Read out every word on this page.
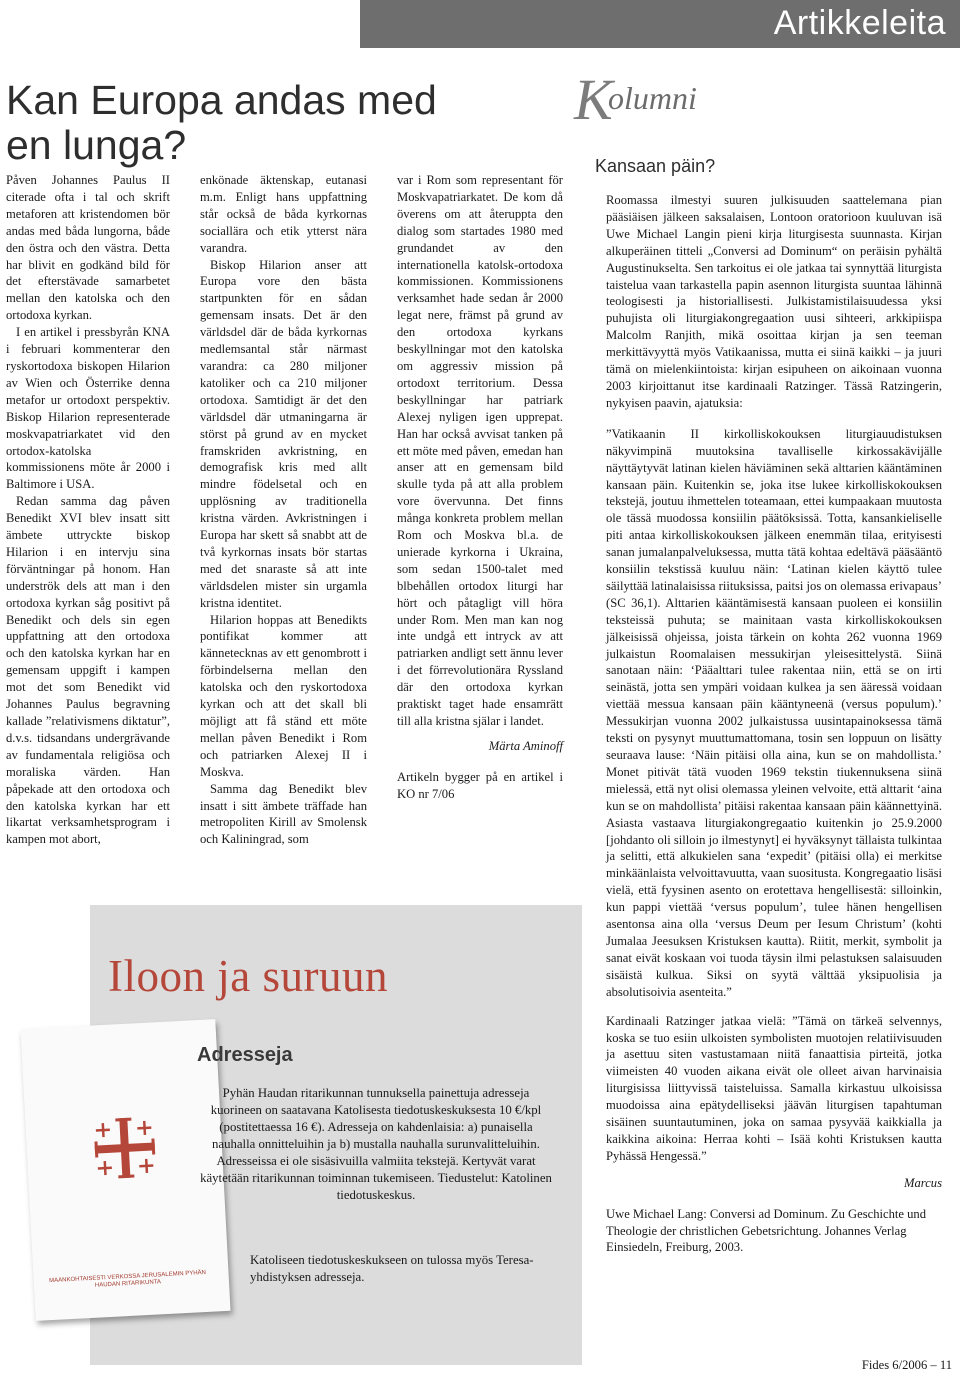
Artikkeleita
Kan Europa andas med en lunga?

Påven Johannes Paulus II citerade ofta i tal och skrift metaforen att kristendomen bör andas med båda lungorna, både den östra och den västra. Detta har blivit en godkänd bild för det efterstävade samarbetet mellan den katolska och den ortodoxa kyrkan.

I en artikel i pressbyrån KNA i februari kommenterar den ryskortodoxa biskopen Hilarion av Wien och Österrike denna metafor ur ortodoxt perspektiv. Biskop Hilarion representerade moskvapatriarkatet vid den ortodox-katolska kommissionens möte år 2000 i Baltimore i USA.

Redan samma dag påven Benedikt XVI blev insatt sitt ämbete uttryckte biskop Hilarion i en intervju sina förväntningar på honom. Han underströk dels att man i den ortodoxa kyrkan såg positivt på Benedikt och dels sin egen uppfattning att den ortodoxa och den katolska kyrkan har en gemensam uppgift i kampen mot det som Benedikt vid Johannes Paulus begravning kallade ”relativismens diktatur”, d.v.s. tidsandans undergrävande av fundamentala religiösa och moraliska värden. Han påpekade att den ortodoxa och den katolska kyrkan har ett likartat verksamhetsprogram i kampen mot abort,

enkönade äktenskap, eutanasi m.m. Enligt hans uppfattning står också de båda kyrkornas sociallära och etik ytterst nära varandra.

Biskop Hilarion anser att Europa vore den bästa startpunkten för en sådan gemensam insats. Det är den världsdel där de båda kyrkornas medlemsantal står närmast varandra: ca 280 miljoner katoliker och ca 210 miljoner ortodoxa. Samtidigt är det den världsdel där utmaningarna är störst på grund av en mycket framskriden avkristning, en demografisk kris med allt mindre födelsetal och en upplösning av traditionella kristna värden. Avkristningen i Europa har skett så snabbt att de två kyrkornas insats bör startas med det snaraste så att inte världsdelen mister sin urgamla kristna identitet.

Hilarion hoppas att Benedikts pontifikat kommer att kännetecknas av ett genombrott i förbindelserna mellan den katolska och den ryskortodoxa kyrkan och att det skall bli möjligt att få ständ ett möte mellan påven Benedikt i Rom och patriarken Alexej II i Moskva.

Samma dag Benedikt blev insatt i sitt ämbete träffade han metropoliten Kirill av Smolensk och Kaliningrad, som

var i Rom som representant för Moskvapatriarkatet. De kom då överens om att återuppta den dialog som startades 1980 med grundandet av den internationella katolsk-ortodoxa kommissionen. Kommissionens verksamhet hade sedan år 2000 legat nere, främst på grund av den ortodoxa kyrkans beskyllningar mot den katolska om aggressiv mission på ortodoxt territorium. Dessa beskyllningar har patriark Alexej nyligen igen upprepat. Han har också avvisat tanken på ett möte med påven, emedan han anser att en gemensam bild skulle tyda på att alla problem vore övervunna. Det finns många konkreta problem mellan Rom och Moskva bl.a. de unierade kyrkorna i Ukraina, som sedan 1500-talet med blbehållen ortodox liturgi har hört och påtagligt vill höra under Rom. Men man kan nog inte undgå ett intryck av att patriarken andligt sett ännu lever i det förrevolutionära Ryssland där den ortodoxa kyrkan praktiskt taget hade ensamrätt till alla kristna själar i landet.

Märta Aminoff

Artikeln bygger på en artikel i KO nr 7/06

K
olumni
Kansaan päin?

Roomassa ilmestyi suuren julkisuuden saattelemana pian pääsiäisen jälkeen saksalaisen, Lontoon oratorioon kuuluvan isä Uwe Michael Langin pieni kirja liturgisesta suunnasta. Kirjan alkuperäinen titteli „Conversi ad Dominum“ on peräisin pyhältä Augustinukselta. Sen tarkoitus ei ole jatkaa tai synnyttää liturgista taistelua vaan tarkastella papin asennon liturgista suuntaa lähinnä teologisesti ja historiallisesti. Julkistamistilaisuudessa yksi puhujista oli liturgiakongregaation uusi sihteeri, arkkipiispa Malcolm Ranjith, mikä osoittaa kirjan ja sen teeman merkittävyyttä myös Vatikaanissa, mutta ei siinä kaikki – ja juuri tämä on mielenkiintoista: kirjan esipuheen on aikoinaan vuonna 2003 kirjoittanut itse kardinaali Ratzinger. Tässä Ratzingerin, nykyisen paavin, ajatuksia:

”Vatikaanin II kirkolliskokouksen liturgiauudistuksen näkyvimpinä muutoksina tavalliselle kirkossakävijälle näyttäytyvät latinan kielen häviäminen sekä alttarien kääntäminen kansaan päin. Kuitenkin se, joka itse lukee kirkolliskokouksen tekstejä, joutuu ihmettelen toteamaan, ettei kumpaakaan muutosta ole tässä muodossa konsiilin päätöksissä. Totta, kansankieliselle piti antaa kirkolliskokouksen jälkeen enemmän tilaa, erityisesti sanan jumalanpalveluksessa, mutta tätä kohtaa edeltävä pääsääntö konsiilin tekstissä kuuluu näin: ‘Latinan kielen käyttö tulee säilyttää latinalaisissa riituksissa, paitsi jos on olemassa erivapaus’ (SC 36,1). Alttarien kääntämisestä kansaan puoleen ei konsiilin teksteissä puhuta; se mainitaan vasta kirkolliskokouksen jälkeisissä ohjeissa, joista tärkein on kohta 262 vuonna 1969 julkaistun Roomalaisen messukirjan yleisesittelystä. Siinä sanotaan näin: ‘Pääalttari tulee rakentaa niin, että se on irti seinästä, jotta sen ympäri voidaan kulkea ja sen ääressä voidaan viettää messua kansaan päin kääntyneenä (versus populum).’ Messukirjan vuonna 2002 julkaistussa uusintapainoksessa tämä teksti on pysynyt muuttumattomana, tosin sen loppuun on lisätty seuraava lause: ‘Näin pitäisi olla aina, kun se on mahdollista.’ Monet pitivät tätä vuoden 1969 tekstin tiukennuksena siinä mielessä, että nyt olisi olemassa yleinen velvoite, että alttarit ‘aina kun se on mahdollista’ pitäisi rakentaa kansaan päin käännettyinä. Asiasta vastaava liturgiakongregaatio kuitenkin jo 25.9.2000 [johdanto oli silloin jo ilmestynyt] ei hyväksynyt tällaista tulkintaa ja selitti, että alkukielen sana ‘expedit’ (pitäisi olla) ei merkitse minkäänlaista velvoittavuutta, vaan suositusta. Kongregaatio lisäsi vielä, että fyysinen asento on erotettava hengellisestä: silloinkin, kun pappi viettää ‘versus populum’, tulee hänen hengellisen asentonsa aina olla ‘versus Deum per Iesum Christum’ (kohti Jumalaa Jeesuksen Kristuksen kautta). Riitit, merkit, symbolit ja sanat eivät koskaan voi tuoda täysin ilmi pelastuksen salaisuuden sisäistä kulkua. Siksi on syytä välttää yksipuolisia ja absolutisoivia asenteita.”

Kardinaali Ratzinger jatkaa vielä: ”Tämä on tärkeä selvennys, koska se tuo esiin ulkoisten symbolisten muotojen relatiivisuuden ja asettuu siten vastustamaan niitä fanaattisia pirteitä, jotka viimeisten 40 vuoden aikana eivät ole olleet aivan harvinaisia liturgisissa liittyvissä taisteluissa. Samalla kirkastuu ulkoisissa muodoissa aina epätydelliseksi jäävän liturgisen tapahtuman sisäinen suuntautuminen, joka on samaa pysyvää kaikkialla ja kaikkina aikoina: Herraa kohti – Isää kohti Kristuksen kautta Pyhässä Hengessä.”

Marcus

Uwe Michael Lang: Conversi ad Dominum. Zu Geschichte und Theologie der christlichen Gebetsrichtung. Johannes Verlag Einsiedeln, Freiburg, 2003.

MAANKOHTAISESTI VERKOSSA JERUSALEMIN PYHÄN HAUDAN RITARIKUNTA
Iloon ja suruun
Adresseja

Pyhän Haudan ritarikunnan tunnuksella painettuja adresseja kuorineen on saatavana Katolisesta tiedotuskeskuksesta 10 €/kpl (postitettaessa 16 €). Adresseja on kahdenlaisia: a) punaisella nauhalla onnitteluihin ja b) mustalla nauhalla surunvalitteluihin. Adresseissa ei ole sisäsivuilla valmiita tekstejä. Kertyvät varat käytetään ritarikunnan toiminnan tukemiseen. Tiedustelut: Katolinen tiedotuskeskus.

Katoliseen tiedotuskeskukseen on tulossa myös Teresa-yhdistyksen adresseja.

Fides 6/2006 – 11
